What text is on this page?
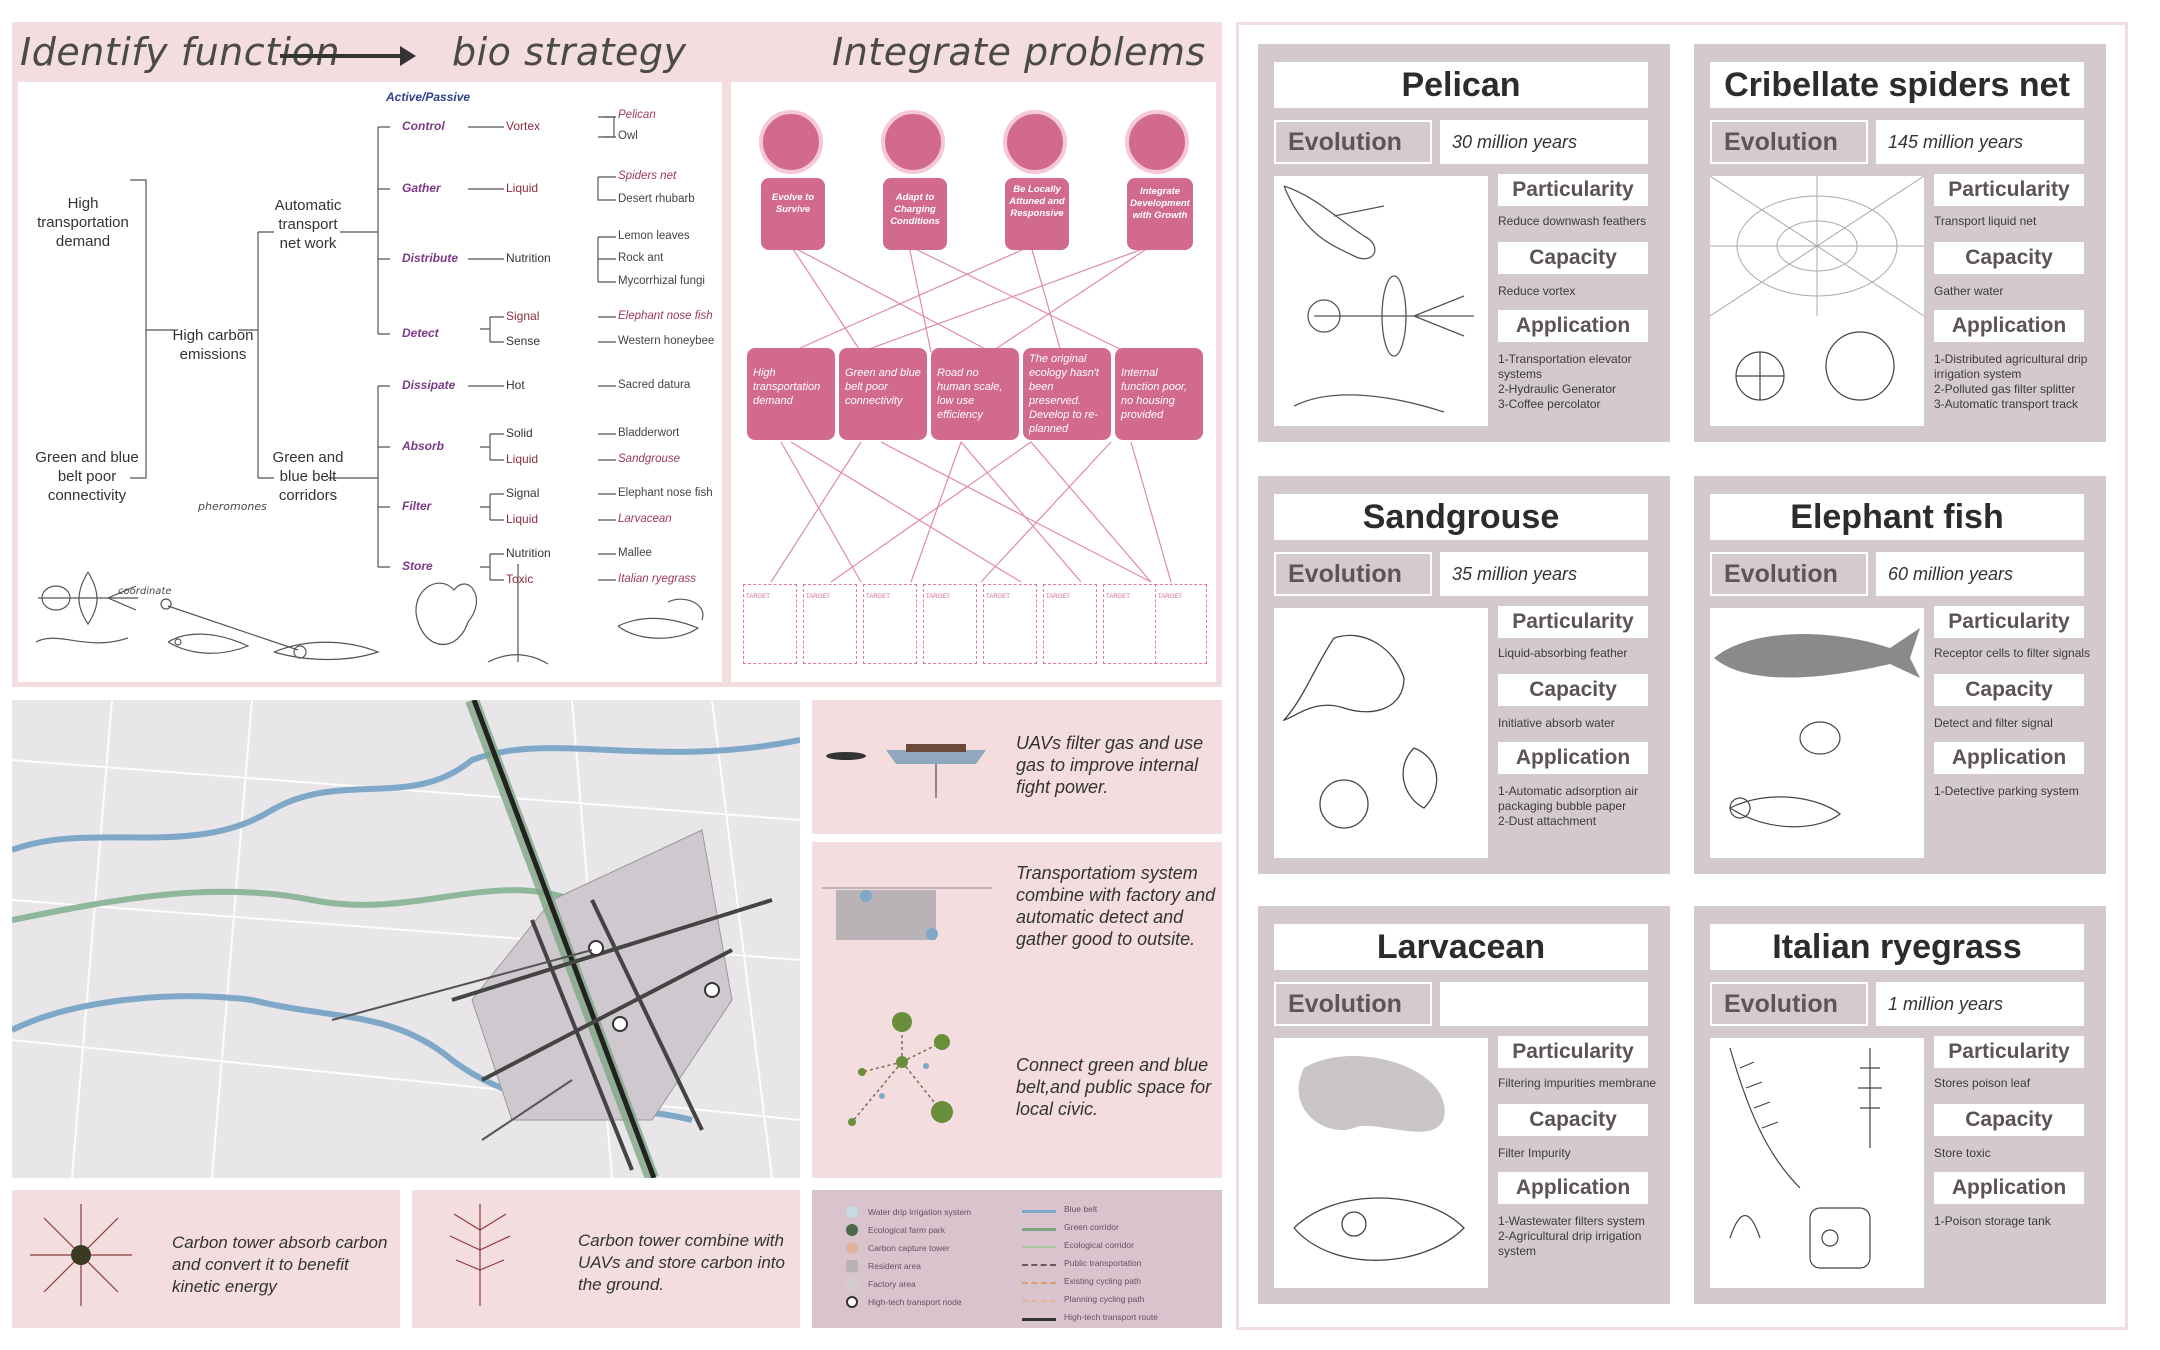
Identify function	bio strategy	Integrate problems
Active/Passive
High transportation demand
High carbon emissions
Green and blue belt poor connectivity
Automatic transport net work
Green and blue belt corridors
Control
Gather
Distribute
Detect
Dissipate
Absorb
Filter
Store
Vortex
Liquid
Nutrition
Signal
Sense
Hot
Solid
Liquid
Signal
Liquid
Nutrition
Toxic
Pelican
Owl
Spiders net
Desert rhubarb
Lemon leaves
Rock ant
Mycorrhizal fungi
Elephant nose fish
Western honeybee
Sacred datura
Bladderwort
Sandgrouse
Elephant nose fish
Larvacean
Mallee
Italian ryegrass
pheromones
coordinate
Evolve to Survive
Adapt to Charging Conditions
Be Locally Attuned and Responsive
Integrate Development with Growth
High transportation demand
Green and blue belt poor connectivity
Road no human scale, low use efficiency
The original ecology hasn't been preserved. Develop to re-planned
Internal function poor, no housing provided
TARGET	TARGET	TARGET	TARGET	TARGET	TARGET	TARGET	TARGET
UAVs filter gas and use gas to improve internal fight power.
Transportatiom system combine with factory and automatic detect and gather good to outsite.
Connect green and blue belt,and public space for local civic.
Carbon tower absorb carbon and convert it to benefit kinetic energy
Carbon tower combine with UAVs and store carbon into the ground.
Water drip irrigation system
Ecological farm park
Carbon capture tower
Resident area
Factory area
High-tech transport node
Blue belt
Green corridor
Ecological corridor
Public transportation
Existing cycling path
Planning cycling path
High-tech transport route
Pelican
Evolution	30 million years
Particularity
Reduce downwash feathers
Capacity
Reduce vortex
Application
1-Transportation elevator systems
2-Hydraulic Generator
3-Coffee percolator
Cribellate spiders net
Evolution	145 million years
Particularity
Transport liquid net
Capacity
Gather water
Application
1-Distributed agricultural drip irrigation system
2-Polluted gas filter splitter
3-Automatic transport track
Sandgrouse
Evolution	35 million years
Particularity
Liquid-absorbing feather
Capacity
Initiative absorb water
Application
1-Automatic adsorption air packaging bubble paper
2-Dust attachment
Elephant fish
Evolution	60 million years
Particularity
Receptor cells to filter signals
Capacity
Detect and filter signal
Application
1-Detective parking system
Larvacean
Evolution
Particularity
Filtering impurities membrane
Capacity
Filter Impurity
Application
1-Wastewater filters system
2-Agricultural drip irrigation
system
Italian ryegrass
Evolution	1 million years
Particularity
Stores poison leaf
Capacity
Store toxic
Application
1-Poison storage tank
